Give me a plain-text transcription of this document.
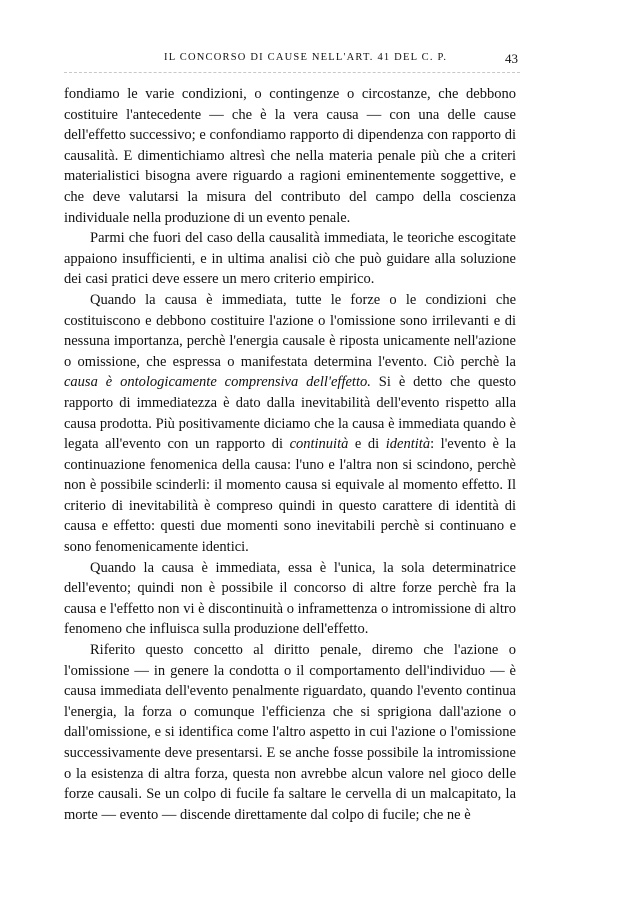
IL CONCORSO DI CAUSE NELL'ART. 41 DEL C. P.	43

fondiamo le varie condizioni, o contingenze o circostanze, che debbono costituire l'antecedente — che è la vera causa — con una delle cause dell'effetto successivo; e confondiamo rapporto di dipendenza con rapporto di causalità. E dimentichiamo altresì che nella materia penale più che a criteri materialistici bisogna avere riguardo a ragioni eminentemente soggettive, e che deve valutarsi la misura del contributo del campo della coscienza individuale nella produzione di un evento penale.

Parmi che fuori del caso della causalità immediata, le teoriche escogitate appaiono insufficienti, e in ultima analisi ciò che può guidare alla soluzione dei casi pratici deve essere un mero criterio empirico.

Quando la causa è immediata, tutte le forze o le condizioni che costituiscono e debbono costituire l'azione o l'omissione sono irrilevanti e di nessuna importanza, perchè l'energia causale è riposta unicamente nell'azione o omissione, che espressa o manifestata determina l'evento. Ciò perchè la causa è ontologicamente comprensiva dell'effetto. Si è detto che questo rapporto di immediatezza è dato dalla inevitabilità dell'evento rispetto alla causa prodotta. Più positivamente diciamo che la causa è immediata quando è legata all'evento con un rapporto di continuità e di identità: l'evento è la continuazione fenomenica della causa: l'uno e l'altra non si scindono, perchè non è possibile scinderli: il momento causa si equivale al momento effetto. Il criterio di inevitabilità è compreso quindi in questo carattere di identità di causa e effetto: questi due momenti sono inevitabili perchè si continuano e sono fenomenicamente identici.

Quando la causa è immediata, essa è l'unica, la sola determinatrice dell'evento; quindi non è possibile il concorso di altre forze perchè fra la causa e l'effetto non vi è discontinuità o inframettenza o intromissione di altro fenomeno che influisca sulla produzione dell'effetto.

Riferito questo concetto al diritto penale, diremo che l'azione o l'omissione — in genere la condotta o il comportamento dell'individuo — è causa immediata dell'evento penalmente riguardato, quando l'evento continua l'energia, la forza o comunque l'efficienza che si sprigiona dall'azione o dall'omissione, e si identifica come l'altro aspetto in cui l'azione o l'omissione successivamente deve presentarsi. E se anche fosse possibile la intromissione o la esistenza di altra forza, questa non avrebbe alcun valore nel gioco delle forze causali. Se un colpo di fucile fa saltare le cervella di un malcapitato, la morte — evento — discende direttamente dal colpo di fucile; che ne è
